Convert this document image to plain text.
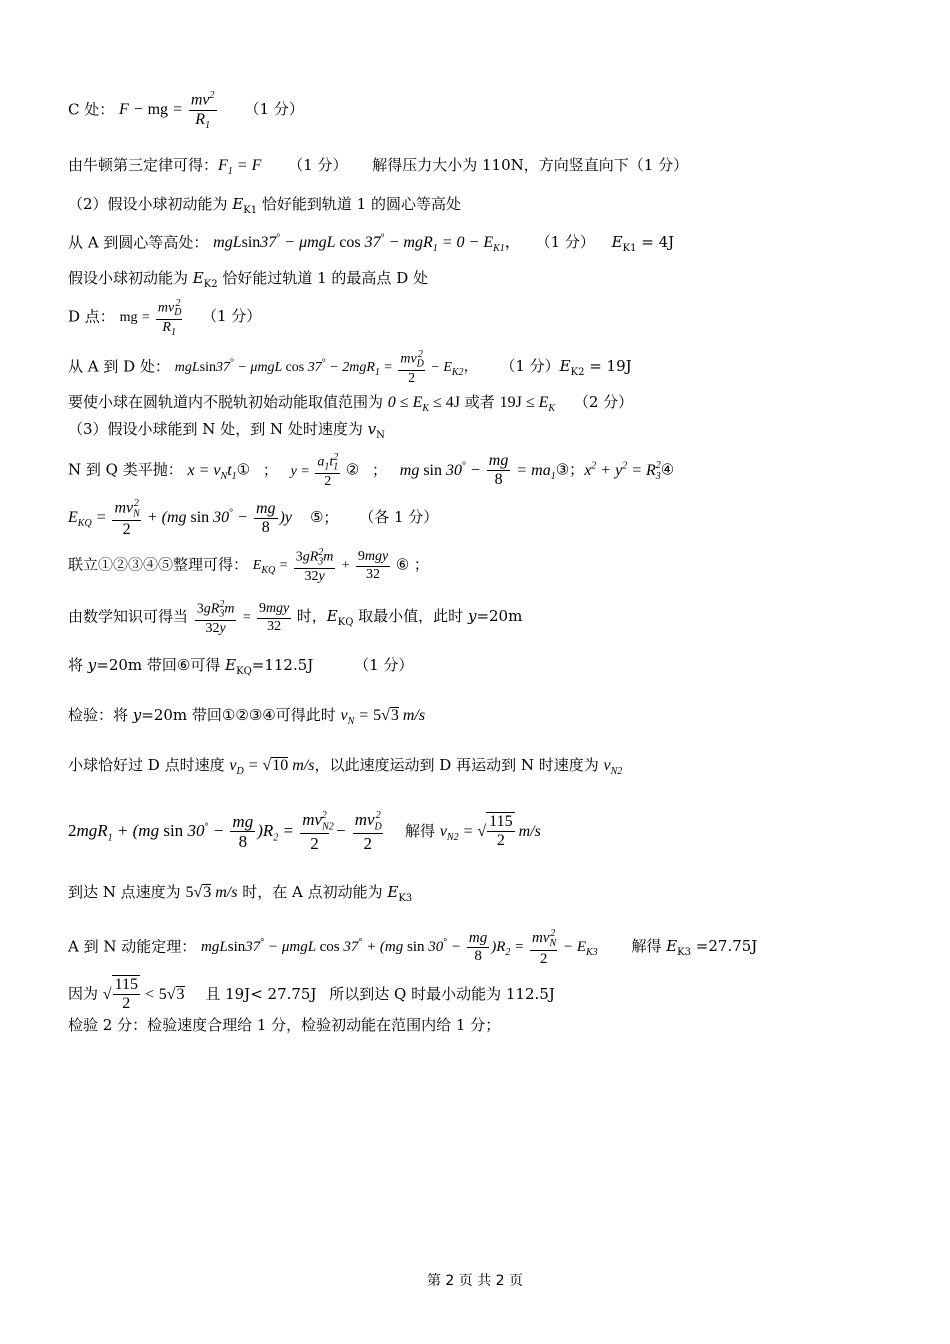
C 处： F − mg = $\frac{mv^2}{R_1} (1$ 分）
由牛顿第三定律可得：$F_1 = F$ （1 分） 解得压力大小为 110N，方向竖直向下（1 分）
（2）假设小球初动能为 $E_{K1}$ 恰好能到轨道 1 的圆心等高处
从 A 到圆心等高处： mgLsin37° − μmgL $\cos 37^\circ - mgR_1 = 0 - E_{K1}$， （1 分） $E_{K1} = 4J$
假设小球初动能为 $E_{K2}$ 恰好能过轨道 1 的最高点 D 处
D 点： mg = $\frac{mv_D^2}{R_1} (1$ 分）
从 A 到 D 处： mgLsin37° − μmgL $\cos 37^\circ - 2mgR_1 = \frac{mv_D^2}{2} - E_{K2}$， （1 分）$E_{K2} = 19J$
要使小球在圆轨道内不脱轨初始动能取值范围为 $0 \le E_K \le 4J$ 或者 $19J \le E_K$ （2 分）
（3）假设小球能到 N 处，到 N 处时速度为 $v_N$
N 到 Q 类平抛： $x = v_Nt_1①$ ； $y = \frac{a_1t_1^2}{2}$ ② ； mg $\sin 30^\circ - \frac{mg}{8}$ = $ma_1③$；$x^2 + y^2$ = $R_3^2④$
$E_{KQ} = \frac{mv_N^2}{2} + (mg$ $\sin 30^\circ - \frac{mg}{8} )y$ ⑤； （各 1 分）
联立①②③④⑤整理可得： $E_{KQ} = \frac{3gR_3^2m}{32y} + \frac{\text{9mgy}}{32}$ ⑥ ；
由数学知识可得当 $\frac{3gR_3^2m}{32y} = \frac{\text{9mgy}}{32}$ 时，$E_{KQ}$ 取最小值，此时 y=20m
将 y=20m 带回⑥可得 $E_{KQ}=112.5J$ （1 分）
检验：将 y=20m 带回①②③④可得此时 $v_N = 5√3$ m/s
小球恰好过 D 点时速度 $v_D = √10$ m/s，以此速度运动到 D 再运动到 N 时速度为 $v_{N2}$
2mgR$_1$ + (mg $\sin 30^\circ - \frac{mg}{8} )R_2 = \frac{mv_{N2}^2}{2} - \frac{mv_D^2}{2}$ 解得 $v_{N2}$ = √ $\frac{115}{2} m/s$
到达 N 点速度为 5√3 m/s 时，在 A 点初动能为 $E_{K3}$
A 到 N 动能定理： mgLsin37° − μmgL cos 37° + (mg $\sin 30^\circ - \frac{mg}{8} )R_2 = \frac{mv_N^2}{2} - E_{K3}$ 解得 $E_{K3} =27.75J$
因为 √ $\frac{115}{2} < 5√3$ 且 19J< 27.75J 所以到达 Q 时最小动能为 112.5J
检验 2 分：检验速度合理给 1 分，检验初动能在范围内给 1 分；
第 2 页 共 2 页
